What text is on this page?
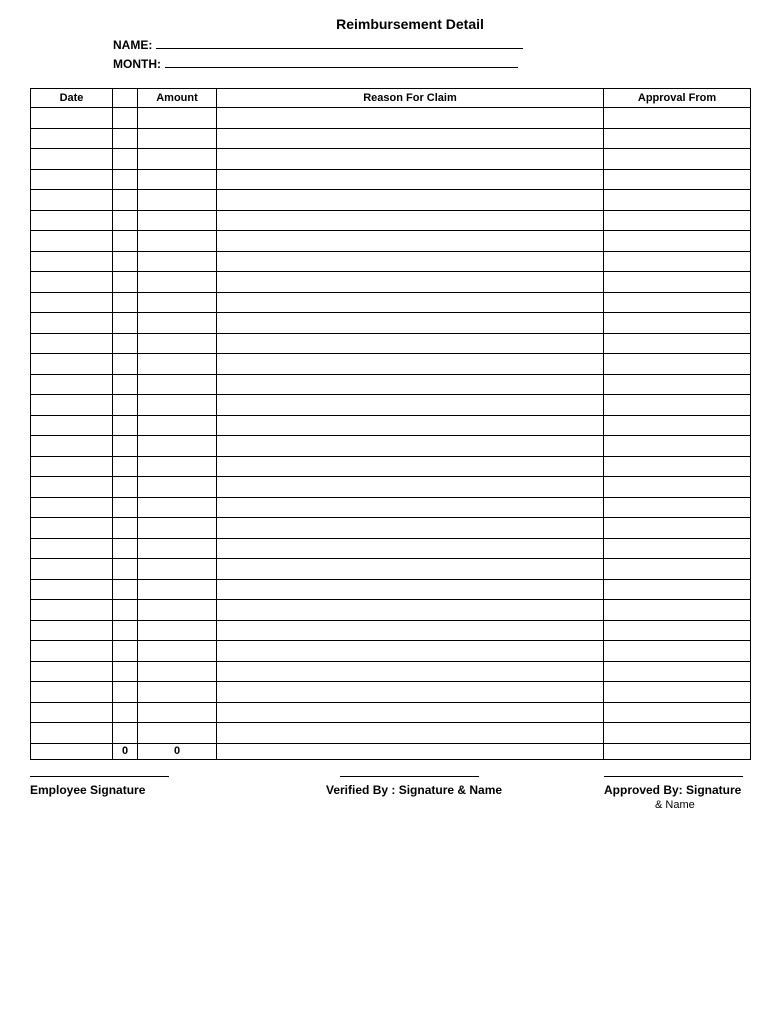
Reimbursement Detail
NAME:
MONTH:
Date		Amount	Reason For Claim	Approval From

	0	0		
Employee Signature	Verified By : Signature & Name	Approved By: Signature
& Name
